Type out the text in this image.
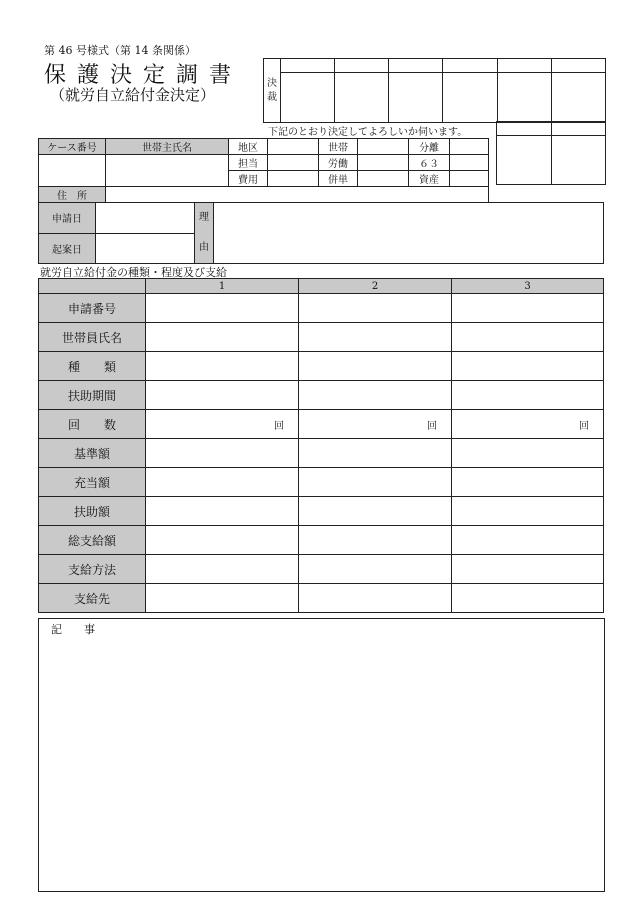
第 46 号様式（第 14 条関係）
保 護 決 定 調 書
（就労自立給付金決定）
決
裁						

下記のとおり決定してよろしいか伺います。

ケース番号	世帯主氏名	地区		世帯		分離	
		担当		労働		６３	
		費用		併単		資産	
住　所							
申請日		理
由	
起案日			
就労自立給付金の種類・程度及び支給
	1	2	3
申請番号			
世帯員氏名			
種　　類			
扶助期間			
回　　数	回	回	回
基準額			
充当額			
扶助額			
総支給額			
支給方法			
支給先			
記　　事
